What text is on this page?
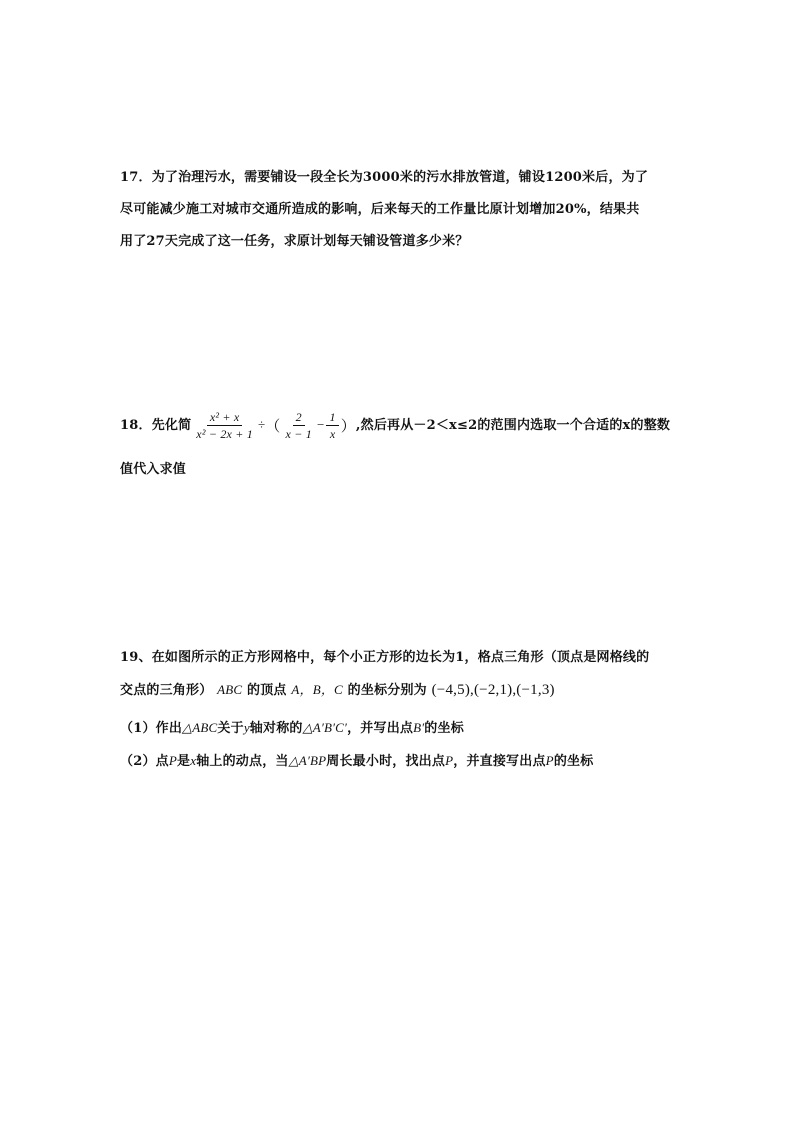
17．为了治理污水，需要铺设一段全长为3000米的污水排放管道，铺设1200米后，为了
尽可能减少施工对城市交通所造成的影响，后来每天的工作量比原计划增加20%，结果共
用了27天完成了这一任务，求原计划每天铺设管道多少米？
18．先化简 $\frac{\text{x² + x}}{\text{x² − 2x + 1}}$ ÷（ $\frac{2}{x - 1} - \frac{1}{x}$ ）,然后再从－2＜x≤2的范围内选取一个合适的x的整数
值代入求值
19、在如图所示的正方形网格中，每个小正方形的边长为1，格点三角形（顶点是网格线的
交点的三角形） ABC 的顶点 A，B，C 的坐标分别为 (−4,5),(−2,1),(−1,3)
（1）作出△ABC关于y轴对称的△A′B′C′，并写出点B′的坐标
（2）点P是x轴上的动点，当△A′BP周长最小时，找出点P，并直接写出点P的坐标
